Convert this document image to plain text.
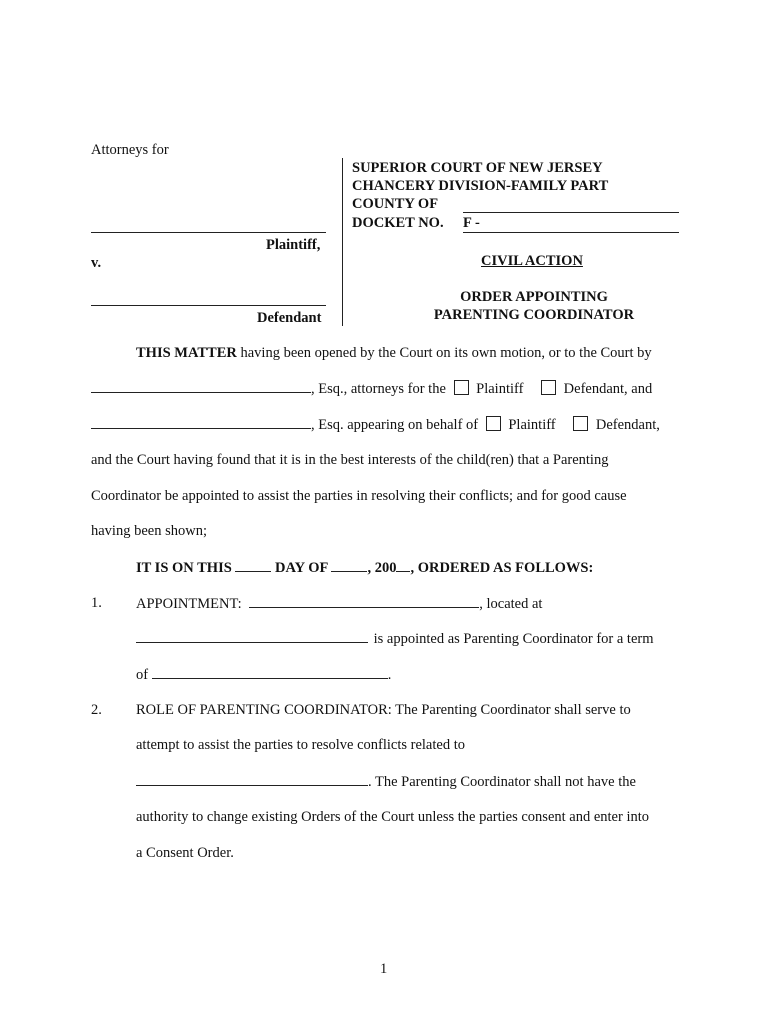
Attorneys for
SUPERIOR COURT OF NEW JERSEY
CHANCERY DIVISION-FAMILY PART
COUNTY OF
DOCKET NO. F -
Plaintiff,
v.	CIVIL ACTION
Defendant
ORDER APPOINTING
PARENTING COORDINATOR
THIS MATTER having been opened by the Court on its own motion, or to the Court by
, Esq., attorneys for the Plaintiff	Defendant, and
, Esq. appearing on behalf of Plaintiff	Defendant,
and the Court having found that it is in the best interests of the child(ren) that a Parenting
Coordinator be appointed to assist the parties in resolving their conflicts; and for good cause
having been shown;
IT IS ON THIS	DAY OF	, 200 , ORDERED AS FOLLOWS:
1. APPOINTMENT:	, located at
is appointed as Parenting Coordinator for a term
of	.
2. ROLE OF PARENTING COORDINATOR: The Parenting Coordinator shall serve to
attempt to assist the parties to resolve conflicts related to
. The Parenting Coordinator shall not have the
authority to change existing Orders of the Court unless the parties consent and enter into
a Consent Order.
1
